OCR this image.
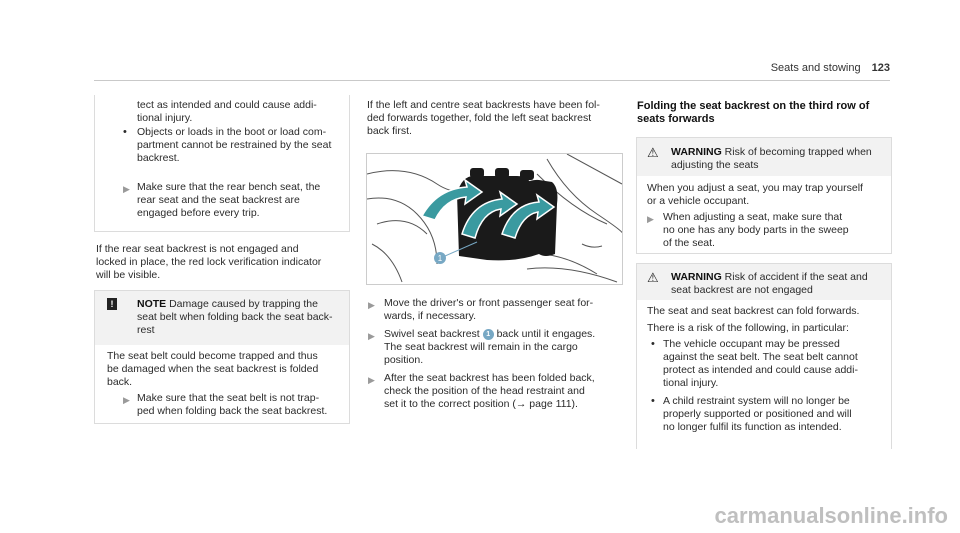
Seats and stowing 123
tect as intended and could cause addi-
tional injury.
• Objects or loads in the boot or load com-
partment cannot be restrained by the seat
backrest.
▶ Make sure that the rear bench seat, the
rear seat and the seat backrest are
engaged before every trip.
If the rear seat backrest is not engaged and
locked in place, the red lock verification indicator
will be visible.
!	NOTE Damage caused by trapping the
seat belt when folding back the seat back-
rest
The seat belt could become trapped and thus
be damaged when the seat backrest is folded
back.
▶ Make sure that the seat belt is not trap-
ped when folding back the seat backrest.
If the left and centre seat backrests have been fol-
ded forwards together, fold the left seat backrest
back first.
1
▶ Move the driver's or front passenger seat for-
wards, if necessary.
▶ Swivel seat backrest 1 back until it engages.
The seat backrest will remain in the cargo
position.
▶ After the seat backrest has been folded back,
check the position of the head restraint and
set it to the correct position (→ page 111).
Folding the seat backrest on the third row of
seats forwards
⚠ WARNING Risk of becoming trapped when
adjusting the seats
When you adjust a seat, you may trap yourself
or a vehicle occupant.
▶ When adjusting a seat, make sure that
no one has any body parts in the sweep
of the seat.
⚠ WARNING Risk of accident if the seat and
seat backrest are not engaged
The seat and seat backrest can fold forwards.
There is a risk of the following, in particular:
• The vehicle occupant may be pressed
against the seat belt. The seat belt cannot
protect as intended and could cause addi-
tional injury.
• A child restraint system will no longer be
properly supported or positioned and will
no longer fulfil its function as intended.
carmanualsonline.info
